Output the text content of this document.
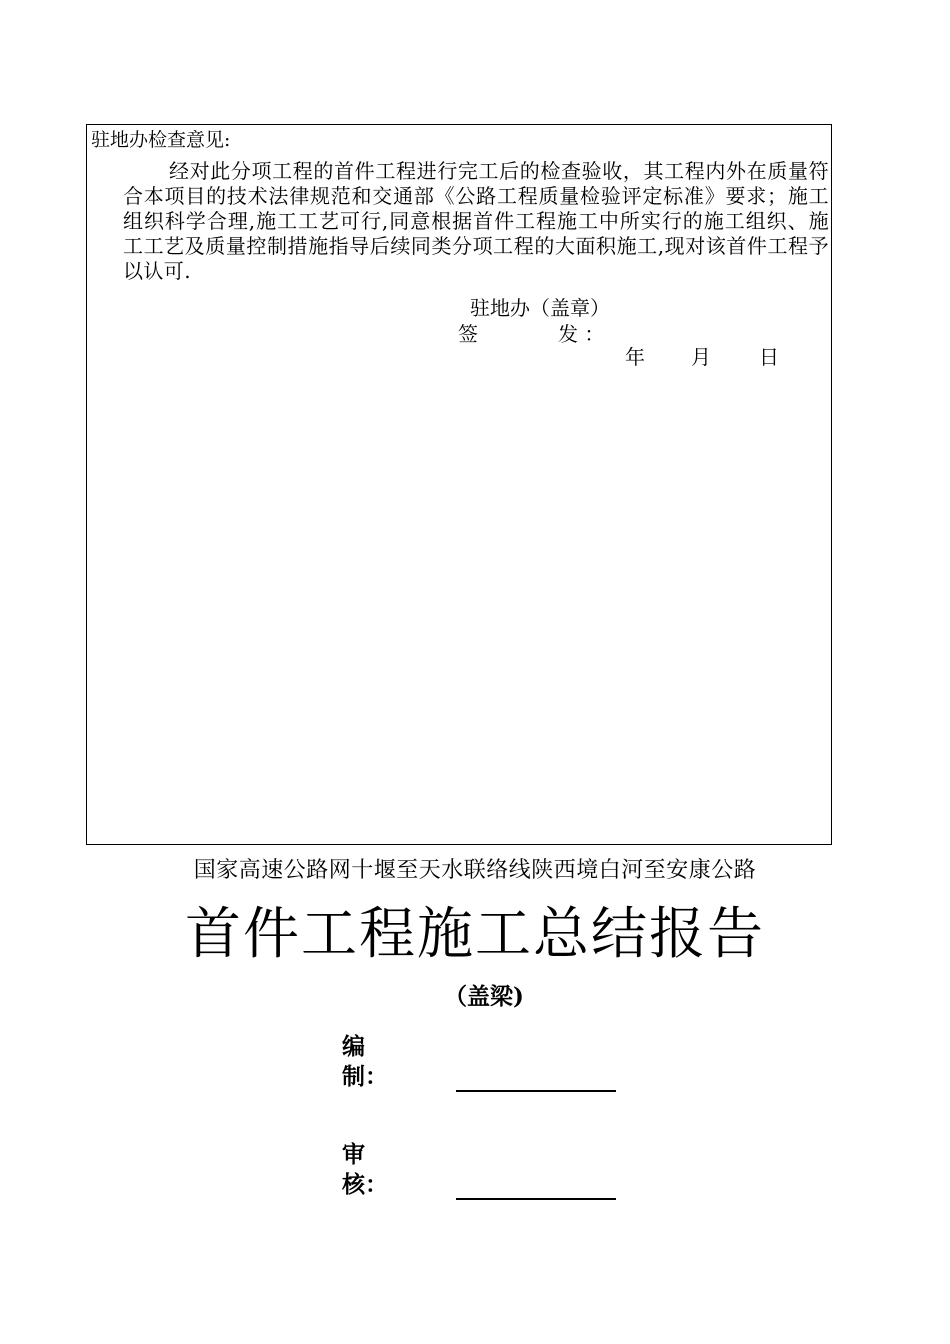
驻地办检查意见:
经对此分项工程的首件工程进行完工后的检查验收，其工程内外在质量符合本项目的技术法律规范和交通部《公路工程质量检验评定标准》要求；施工组织科学合理,施工工艺可行,同意根据首件工程施工中所实行的施工组织、施工工艺及质量控制措施指导后续同类分项工程的大面积施工,现对该首件工程予以认可.
驻地办（盖章）
签	发 ：
年	月	日
国家高速公路网十堰至天水联络线陕西境白河至安康公路
首件工程施工总结报告
（盖梁)
编　　制：
审　　核：
